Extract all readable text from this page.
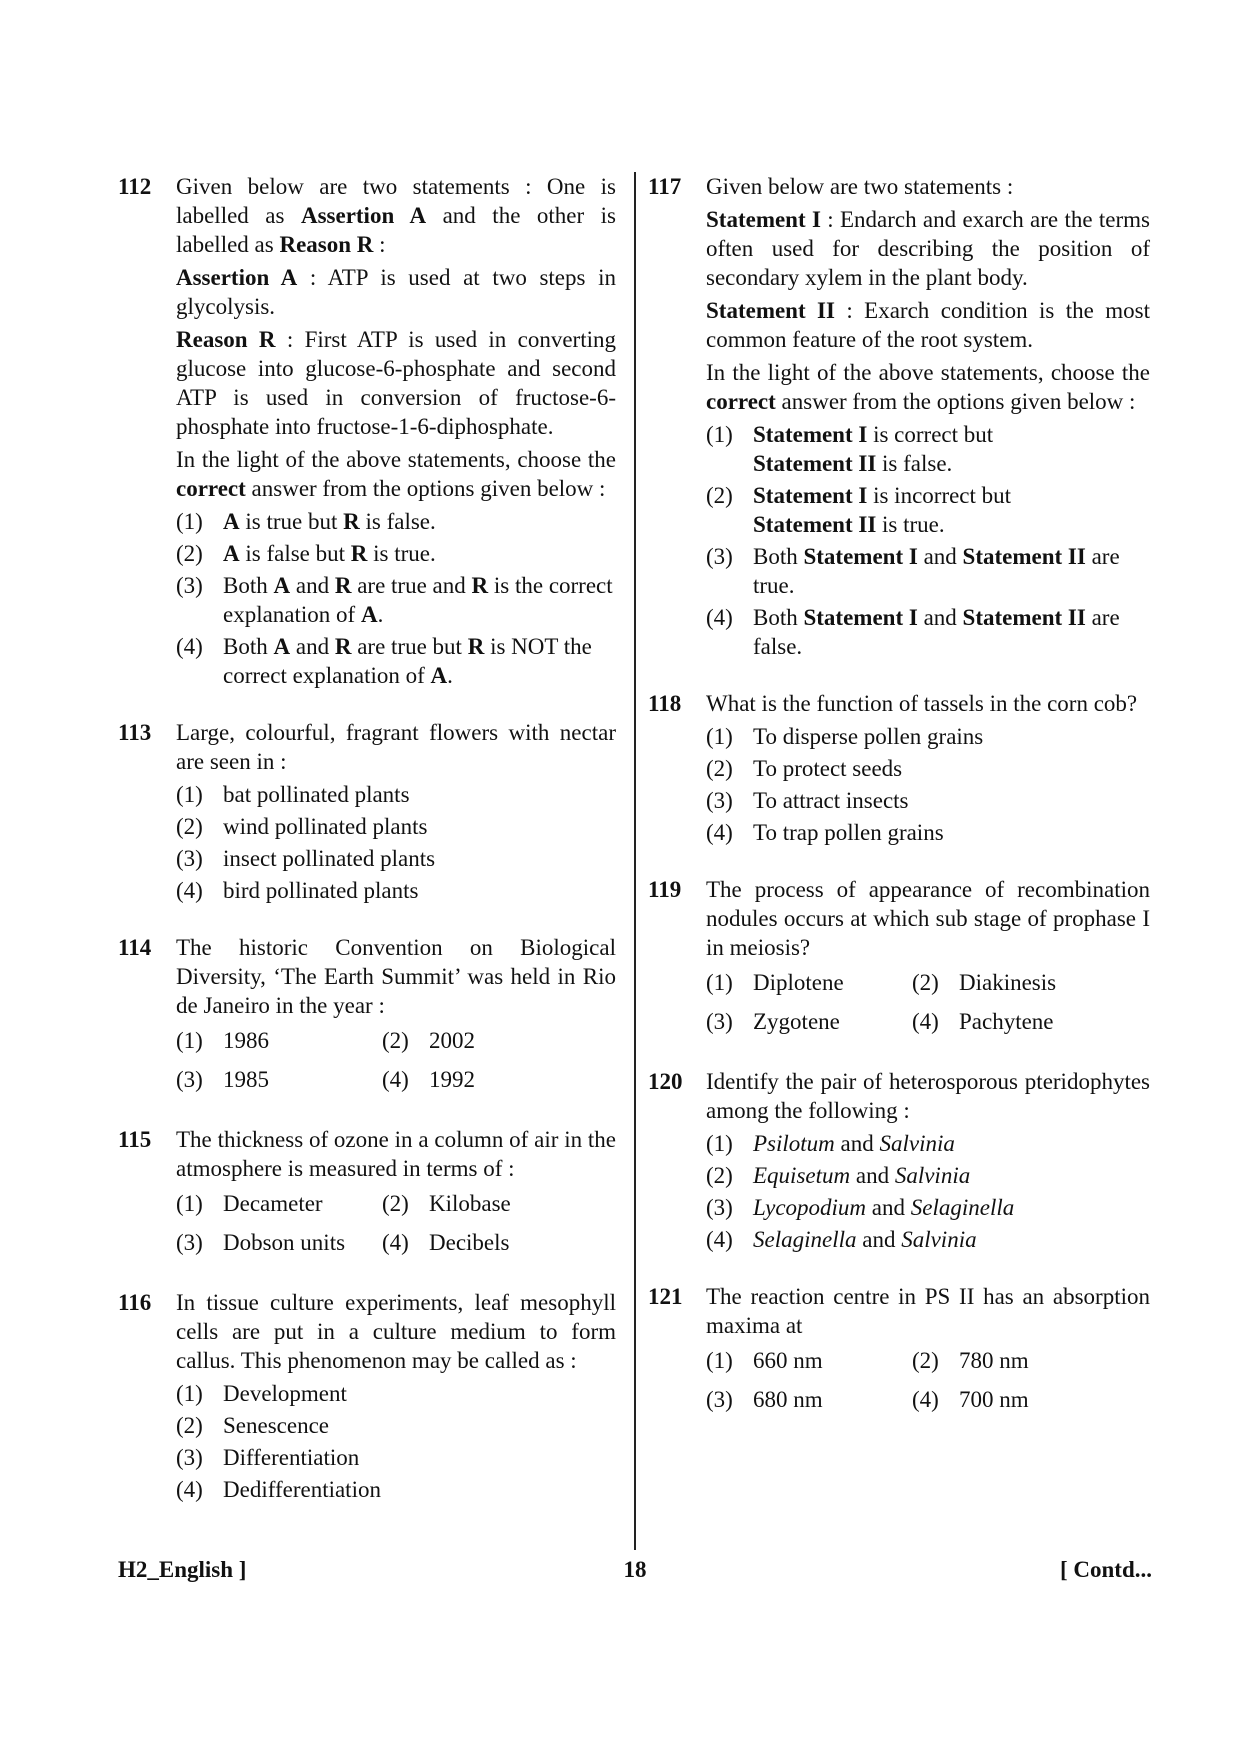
112 Given below are two statements : One is labelled as Assertion A and the other is labelled as Reason R :

Assertion A : ATP is used at two steps in glycolysis.

Reason R : First ATP is used in converting glucose into glucose-6-phosphate and second ATP is used in conversion of fructose-6-phosphate into fructose-1-6-diphosphate.

In the light of the above statements, choose the correct answer from the options given below :

(1) A is true but R is false.
(2) A is false but R is true.
(3) Both A and R are true and R is the correct explanation of A.
(4) Both A and R are true but R is NOT the correct explanation of A.
113 Large, colourful, fragrant flowers with nectar are seen in :

(1) bat pollinated plants
(2) wind pollinated plants
(3) insect pollinated plants
(4) bird pollinated plants
114 The historic Convention on Biological Diversity, ‘The Earth Summit’ was held in Rio de Janeiro in the year :

(1) 1986	(2) 2002
(3) 1985	(4) 1992
115 The thickness of ozone in a column of air in the atmosphere is measured in terms of :

(1) Decameter	(2) Kilobase
(3) Dobson units	(4) Decibels
116 In tissue culture experiments, leaf mesophyll cells are put in a culture medium to form callus. This phenomenon may be called as :

(1) Development
(2) Senescence
(3) Differentiation
(4) Dedifferentiation
117 Given below are two statements :

Statement I : Endarch and exarch are the terms often used for describing the position of secondary xylem in the plant body.

Statement II : Exarch condition is the most common feature of the root system.

In the light of the above statements, choose the correct answer from the options given below :

(1) Statement I is correct but
Statement II is false.
(2) Statement I is incorrect but
Statement II is true.
(3) Both Statement I and Statement II are true.
(4) Both Statement I and Statement II are false.
118 What is the function of tassels in the corn cob?

(1) To disperse pollen grains
(2) To protect seeds
(3) To attract insects
(4) To trap pollen grains
119 The process of appearance of recombination nodules occurs at which sub stage of prophase I in meiosis?

(1) Diplotene	(2) Diakinesis
(3) Zygotene	(4) Pachytene
120 Identify the pair of heterosporous pteridophytes among the following :

(1) Psilotum and Salvinia
(2) Equisetum and Salvinia
(3) Lycopodium and Selaginella
(4) Selaginella and Salvinia
121 The reaction centre in PS II has an absorption maxima at

(1) 660 nm	(2) 780 nm
(3) 680 nm	(4) 700 nm
H2_English ]	18	[ Contd...
